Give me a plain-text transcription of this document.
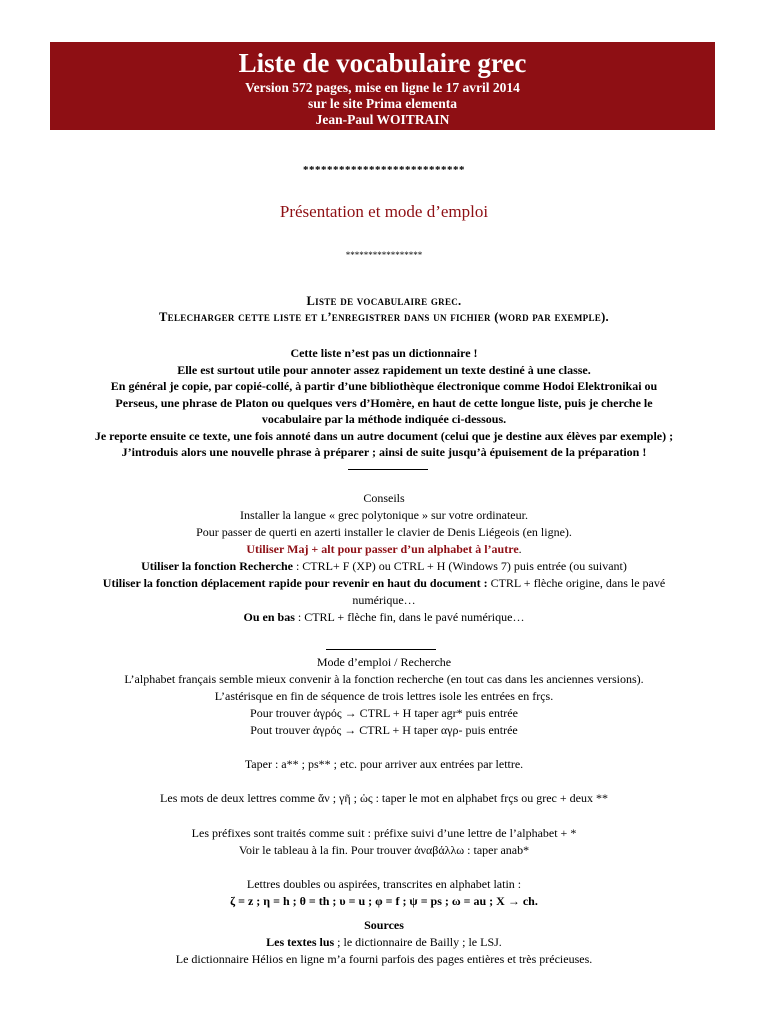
Liste de vocabulaire grec
Version 572 pages, mise en ligne le 17 avril 2014
sur le site Prima elementa
Jean-Paul WOITRAIN
***************************
Présentation et mode d’emploi
*****************
Liste de vocabulaire grec.
Telecharger cette liste et l’enregistrer dans un fichier (word par exemple).
Cette liste n’est pas un dictionnaire !
Elle est surtout utile pour annoter assez rapidement un texte destiné à une classe.
En général je copie, par copié-collé, à partir d’une bibliothèque électronique comme Hodoi Elektronikai ou
Perseus, une phrase de Platon ou quelques vers d’Homère, en haut de cette longue liste, puis je cherche le
vocabulaire par la méthode indiquée ci-dessous.
Je reporte ensuite ce texte, une fois annoté dans un autre document (celui que je destine aux élèves par exemple) ;
J’introduis alors une nouvelle phrase à préparer ; ainsi de suite jusqu’à épuisement de la préparation !
Conseils
Installer la langue « grec polytonique » sur votre ordinateur.
Pour passer de querti en azerti installer le clavier de Denis Liégeois (en ligne).
Utiliser Maj + alt pour passer d’un alphabet à l’autre.
Utiliser la fonction Recherche : CTRL+ F (XP) ou CTRL + H (Windows 7) puis entrée (ou suivant)
Utiliser la fonction déplacement rapide pour revenir en haut du document : CTRL + flèche origine, dans le pavé
numérique…
Ou en bas : CTRL + flèche fin, dans le pavé numérique…
Mode d’emploi / Recherche
L’alphabet français semble mieux convenir à la fonction recherche (en tout cas dans les anciennes versions).
L’astérisque en fin de séquence de trois lettres isole les entrées en frçs.
Pour trouver ἀγρός → CTRL + H taper agr* puis entrée
Pout trouver ἀγρός → CTRL + H taper αγρ- puis entrée
Taper : a** ; ps** ; etc. pour arriver aux entrées par lettre.
Les mots de deux lettres comme ἄν ; γῆ ; ὡς : taper le mot en alphabet frçs ou grec + deux **
Les préfixes sont traités comme suit : préfixe suivi d’une lettre de l’alphabet + *
Voir le tableau à la fin. Pour trouver ἀναβάλλω : taper anab*
Lettres doubles ou aspirées, transcrites en alphabet latin :
ζ = z ; η = h ; θ = th ; υ = u ; φ = f ; ψ = ps ; ω = au ; Χ → ch.
Sources
Les textes lus ; le dictionnaire de Bailly ; le LSJ.
Le dictionnaire Hélios en ligne m’a fourni parfois des pages entières et très précieuses.
